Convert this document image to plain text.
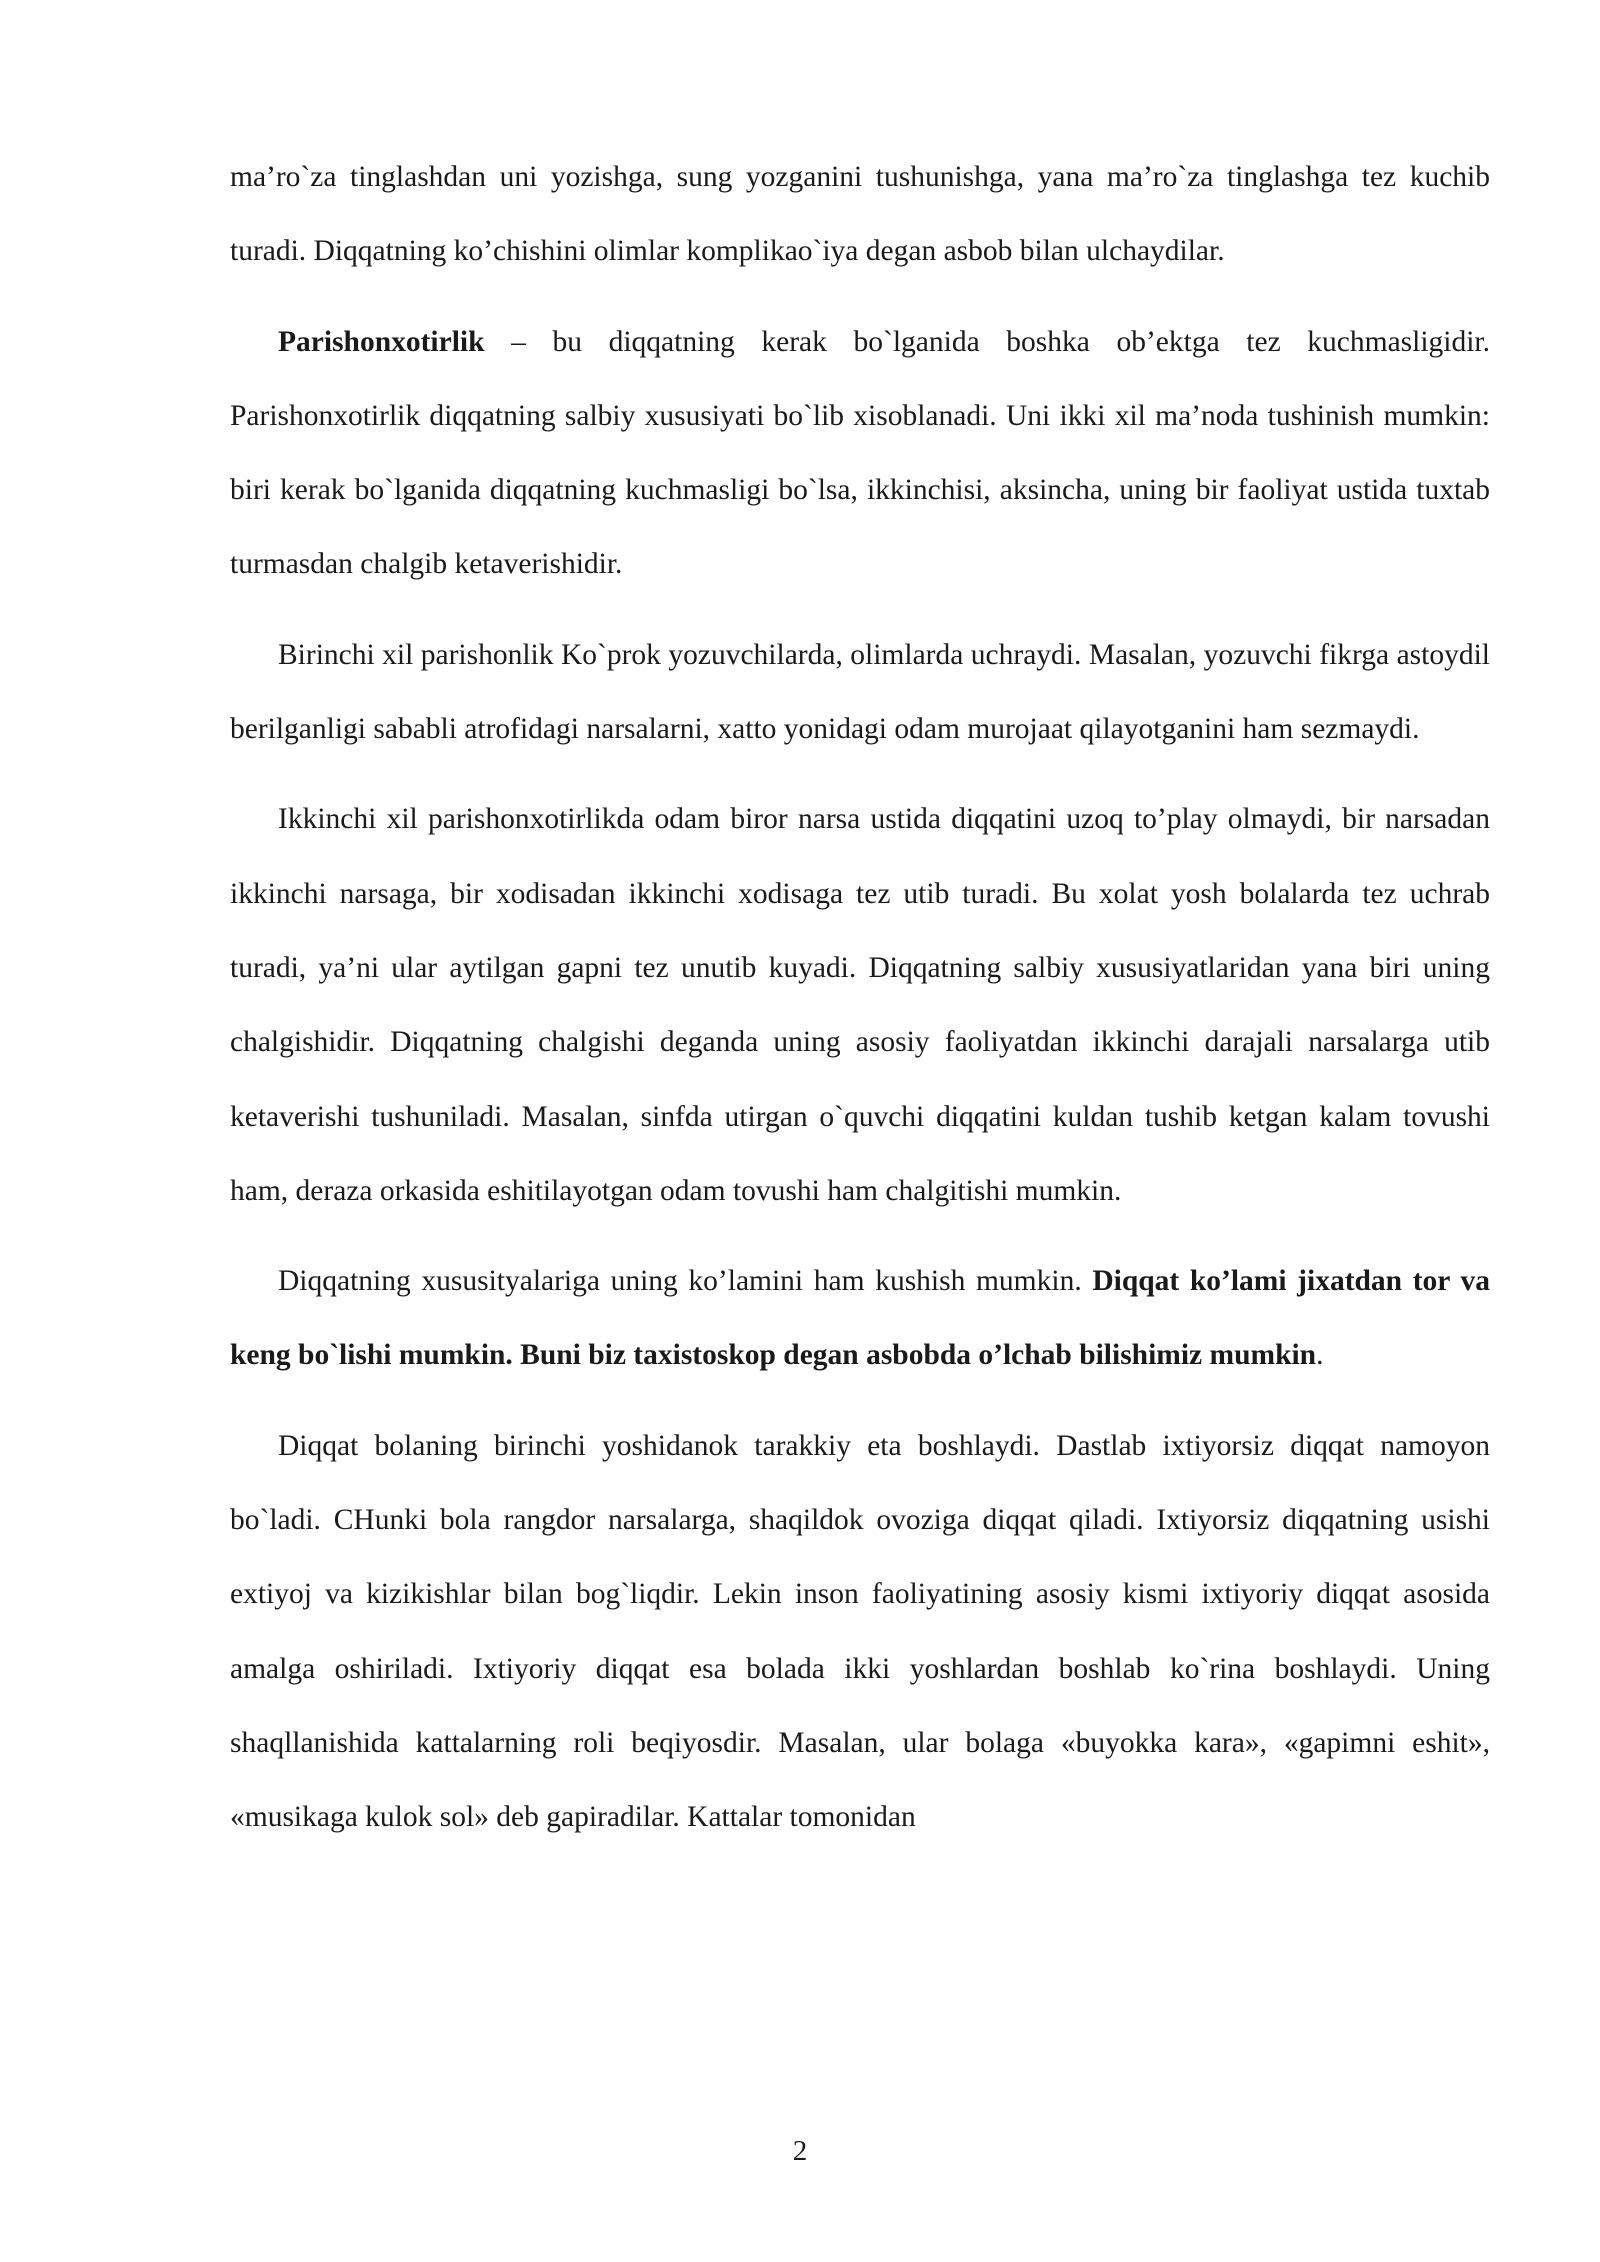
ma’ro`za tinglashdan uni yozishga, sung yozganini tushunishga, yana ma’ro`za tinglashga tez kuchib turadi. Diqqatning ko’chishini olimlar komplikao`iya degan asbob bilan ulchaydilar.

Parishonxotirlik – bu diqqatning kerak bo`lganida boshka ob’ektga tez kuchmasligidir. Parishonxotirlik diqqatning salbiy xususiyati bo`lib xisoblanadi. Uni ikki xil ma’noda tushinish mumkin: biri kerak bo`lganida diqqatning kuchmasligi bo`lsa, ikkinchisi, aksincha, uning bir faoliyat ustida tuxtab turmasdan chalgib ketaverishidir.

Birinchi xil parishonlik Ko`prok yozuvchilarda, olimlarda uchraydi. Masalan, yozuvchi fikrga astoydil berilganligi sababli atrofidagi narsalarni, xatto yonidagi odam murojaat qilayotganini ham sezmaydi.

Ikkinchi xil parishonxotirlikda odam biror narsa ustida diqqatini uzoq to’play olmaydi, bir narsadan ikkinchi narsaga, bir xodisadan ikkinchi xodisaga tez utib turadi. Bu xolat yosh bolalarda tez uchrab turadi, ya’ni ular aytilgan gapni tez unutib kuyadi. Diqqatning salbiy xususiyatlaridan yana biri uning chalgishidir. Diqqatning chalgishi deganda uning asosiy faoliyatdan ikkinchi darajali narsalarga utib ketaverishi tushuniladi. Masalan, sinfda utirgan o`quvchi diqqatini kuldan tushib ketgan kalam tovushi ham, deraza orkasida eshitilayotgan odam tovushi ham chalgitishi mumkin.

Diqqatning xususityalariga uning ko’lamini ham kushish mumkin. Diqqat ko’lami jixatdan tor va keng bo`lishi mumkin. Buni biz taxistoskop degan asbobda o’lchab bilishimiz mumkin.

Diqqat bolaning birinchi yoshidanok tarakkiy eta boshlaydi. Dastlab ixtiyorsiz diqqat namoyon bo`ladi. CHunki bola rangdor narsalarga, shaqildok ovoziga diqqat qiladi. Ixtiyorsiz diqqatning usishi extiyoj va kizikishlar bilan bog`liqdir. Lekin inson faoliyatining asosiy kismi ixtiyoriy diqqat asosida amalga oshiriladi. Ixtiyoriy diqqat esa bolada ikki yoshlardan boshlab ko`rina boshlaydi. Uning shaqllanishida kattalarning roli beqiyosdir. Masalan, ular bolaga «buyokka kara», «gapimni eshit», «musikaga kulok sol» deb gapiradilar. Kattalar tomonidan

2
